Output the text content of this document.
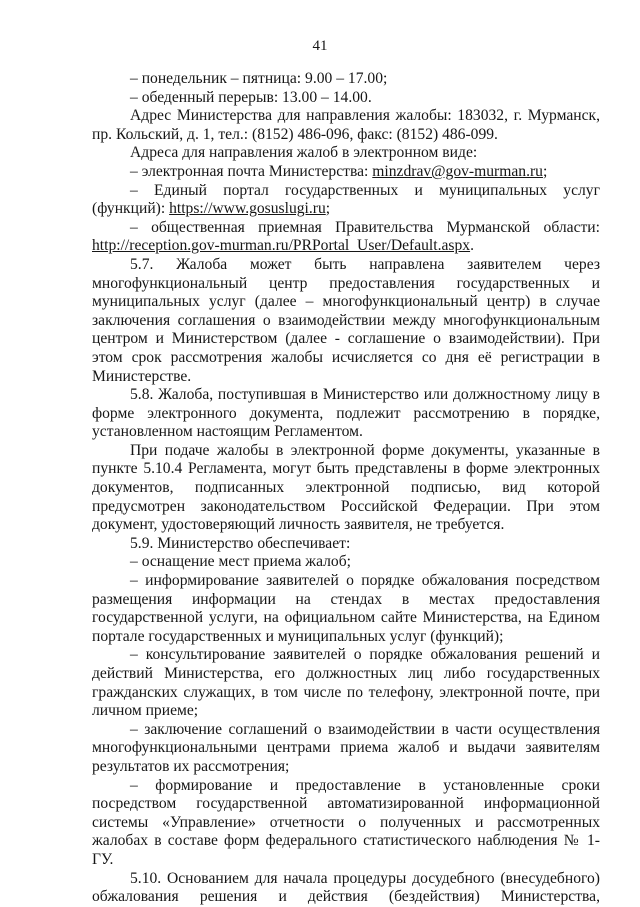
41

– понедельник – пятница: 9.00 – 17.00;

– обеденный перерыв: 13.00 – 14.00.

Адрес Министерства для направления жалобы: 183032, г. Мурманск, пр. Кольский, д. 1, тел.: (8152) 486-096, факс: (8152) 486-099.

Адреса для направления жалоб в электронном виде:

– электронная почта Министерства: minzdrav@gov-murman.ru;

– Единый портал государственных и муниципальных услуг (функций): https://www.gosuslugi.ru;

– общественная приемная Правительства Мурманской области: http://reception.gov-murman.ru/PRPortal_User/Default.aspx.

5.7. Жалоба может быть направлена заявителем через многофункциональный центр предоставления государственных и муниципальных услуг (далее – многофункциональный центр) в случае заключения соглашения о взаимодействии между многофункциональным центром и Министерством (далее - соглашение о взаимодействии). При этом срок рассмотрения жалобы исчисляется со дня её регистрации в Министерстве.

5.8. Жалоба, поступившая в Министерство или должностному лицу в форме электронного документа, подлежит рассмотрению в порядке, установленном настоящим Регламентом.

При подаче жалобы в электронной форме документы, указанные в пункте 5.10.4 Регламента, могут быть представлены в форме электронных документов, подписанных электронной подписью, вид которой предусмотрен законодательством Российской Федерации. При этом документ, удостоверяющий личность заявителя, не требуется.

5.9. Министерство обеспечивает:

– оснащение мест приема жалоб;

– информирование заявителей о порядке обжалования посредством размещения информации на стендах в местах предоставления государственной услуги, на официальном сайте Министерства, на Едином портале государственных и муниципальных услуг (функций);

– консультирование заявителей о порядке обжалования решений и действий Министерства, его должностных лиц либо государственных гражданских служащих, в том числе по телефону, электронной почте, при личном приеме;

– заключение соглашений о взаимодействии в части осуществления многофункциональными центрами приема жалоб и выдачи заявителям результатов их рассмотрения;

– формирование и предоставление в установленные сроки посредством государственной автоматизированной информационной системы «Управление» отчетности о полученных и рассмотренных жалобах в составе форм федерального статистического наблюдения № 1-ГУ.

5.10. Основанием для начала процедуры досудебного (внесудебного) обжалования решения и действия (бездействия) Министерства,
